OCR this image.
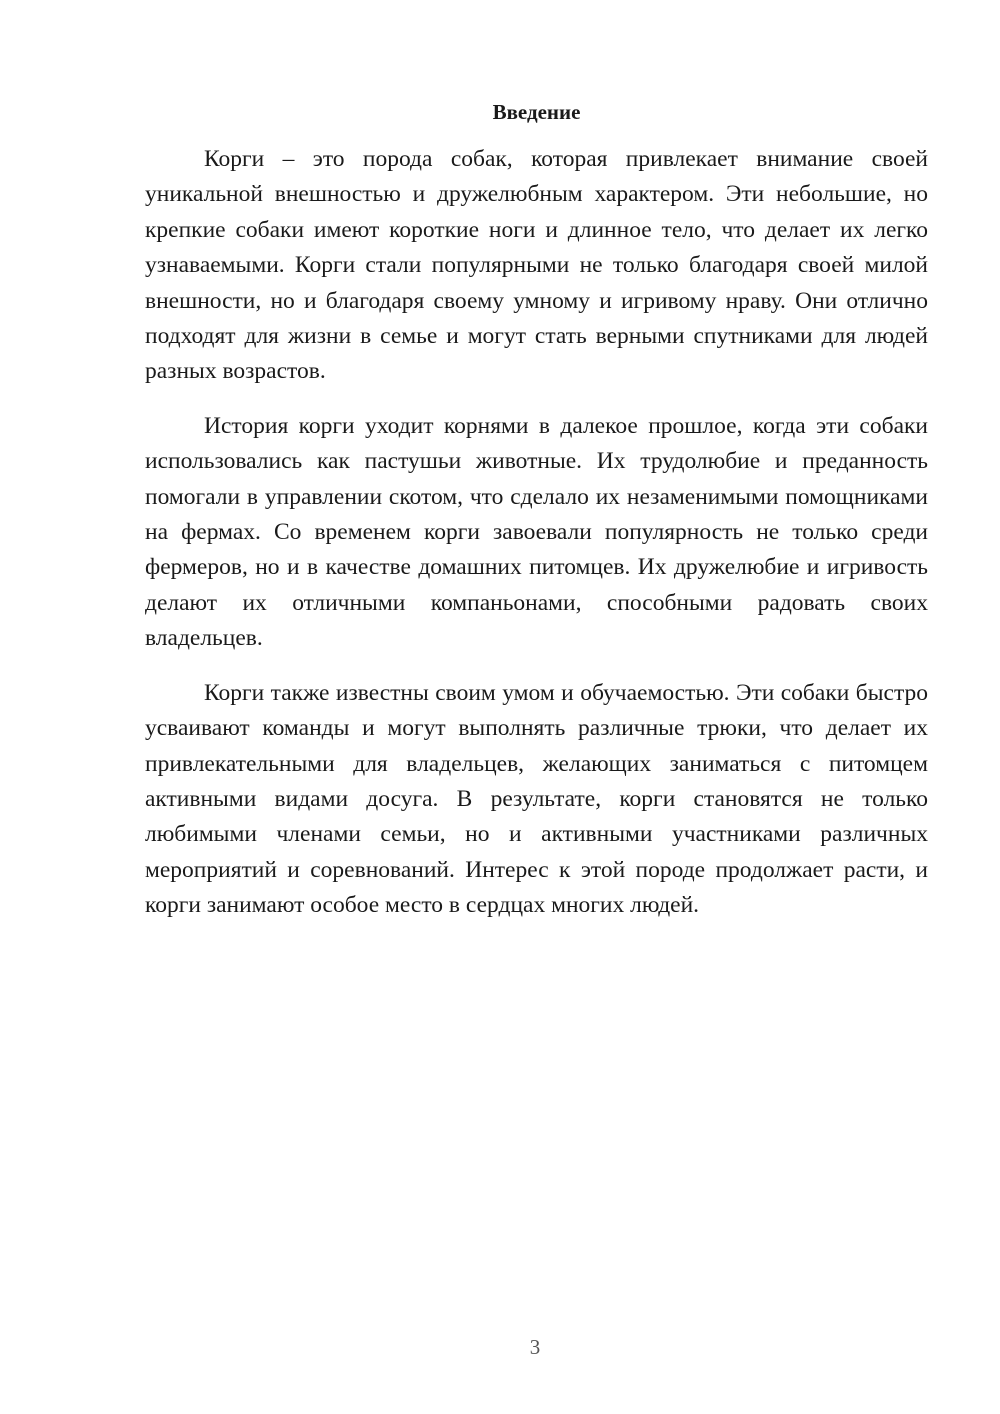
Введение

Корги – это порода собак, которая привлекает внимание своей уникальной внешностью и дружелюбным характером. Эти небольшие, но крепкие собаки имеют короткие ноги и длинное тело, что делает их легко узнаваемыми. Корги стали популярными не только благодаря своей милой внешности, но и благодаря своему умному и игривому нраву. Они отлично подходят для жизни в семье и могут стать верными спутниками для людей разных возрастов.

История корги уходит корнями в далекое прошлое, когда эти собаки использовались как пастушьи животные. Их трудолюбие и преданность помогали в управлении скотом, что сделало их незаменимыми помощниками на фермах. Со временем корги завоевали популярность не только среди фермеров, но и в качестве домашних питомцев. Их дружелюбие и игривость делают их отличными компаньонами, способными радовать своих владельцев.

Корги также известны своим умом и обучаемостью. Эти собаки быстро усваивают команды и могут выполнять различные трюки, что делает их привлекательными для владельцев, желающих заниматься с питомцем активными видами досуга. В результате, корги становятся не только любимыми членами семьи, но и активными участниками различных мероприятий и соревнований. Интерес к этой породе продолжает расти, и корги занимают особое место в сердцах многих людей.

3
